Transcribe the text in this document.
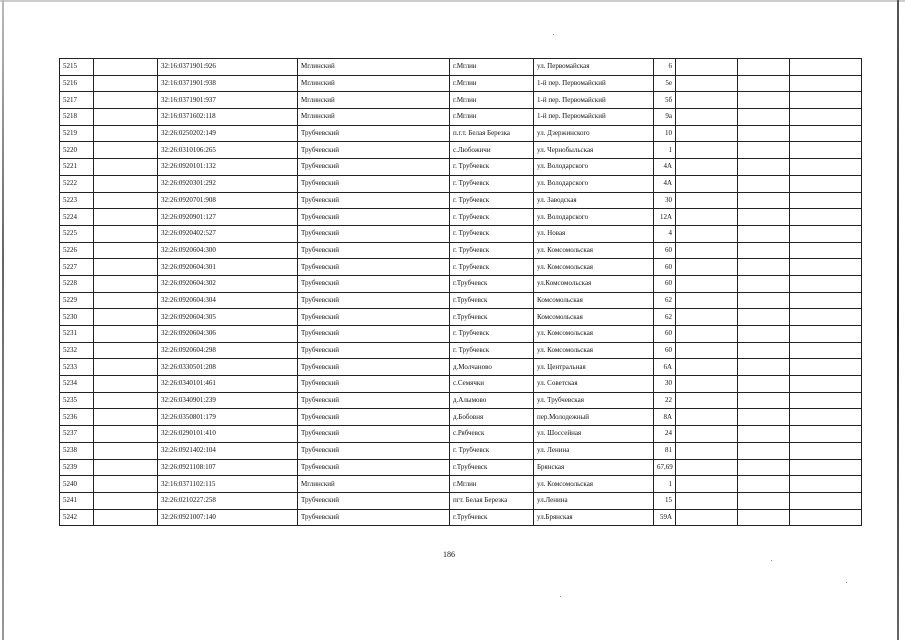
5215		32:16:0371901:926	Мглинский	г.Мглин	ул. Первомайская	6			
5216		32:16:0371901:938	Мглинский	г.Мглин	1-й пер. Первомайский	5е			
5217		32:16:0371901:937	Мглинский	г.Мглин	1-й пер. Первомайский	5б			
5218		32:16:0371602:118	Мглинский	г.Мглин	1-й пер. Первомайский	9а			
5219		32:26:0250202:149	Трубчевский	п.г.т. Белая Березка	ул. Дзержинского	10			
5220		32:26:0310106:265	Трубчевский	с.Любожичи	ул. Чернобыльская	1			
5221		32:26:0920101:132	Трубчевский	г. Трубчевск	ул. Володарского	4А			
5222		32:26:0920301:292	Трубчевский	г. Трубчевск	ул. Володарского	4А			
5223		32:26:0920701:908	Трубчевский	г. Трубчевск	ул. Заводская	30			
5224		32:26:0920901:127	Трубчевский	г. Трубчевск	ул. Володарского	12А			
5225		32:26:0920402:527	Трубчевский	г. Трубчевск	ул. Новая	4			
5226		32:26:0920604:300	Трубчевский	г. Трубчевск	ул. Комсомольская	60			
5227		32:26:0920604:301	Трубчевский	г. Трубчевск	ул. Комсомольская	60			
5228		32:26:0920604:302	Трубчевский	г.Трубчевск	ул.Комсомольская	60			
5229		32:26:0920604:304	Трубчевский	г.Трубчевск	Комсомольская	62			
5230		32:26:0920604:305	Трубчевский	г.Трубчевск	Комсомольская	62			
5231		32:26:0920604:306	Трубчевский	г. Трубчевск	ул. Комсомольская	60			
5232		32:26:0920604:298	Трубчевский	г. Трубчевск	ул. Комсомольская	60			
5233		32:26:0330501:208	Трубчевский	д.Молчаново	ул. Центральная	6А			
5234		32:26:0340101:461	Трубчевский	с.Семячки	ул. Советская	30			
5235		32:26:0340901:239	Трубчевский	д.Алымово	ул. Трубчевская	22			
5236		32:26:0350801:179	Трубчевский	д.Бобовня	пер.Молодежный	8А			
5237		32:26:0290101:410	Трубчевский	с.Рябчевск	ул. Шоссейная	24			
5238		32:26:0921402:104	Трубчевский	г. Трубчевск	ул. Ленина	81			
5239		32:26:0921108:107	Трубчевский	г.Трубчевск	Брянская	67,69			
5240		32:16:0371102:115	Мглинский	г.Мглин	ул. Комсомольская	1			
5241		32:26:0210227:258	Трубчевский	пгт. Белая Березка	ул.Ленина	15			
5242		32:26:0921007:140	Трубчевский	г.Трубчевск	ул.Брянская	59А			
186
